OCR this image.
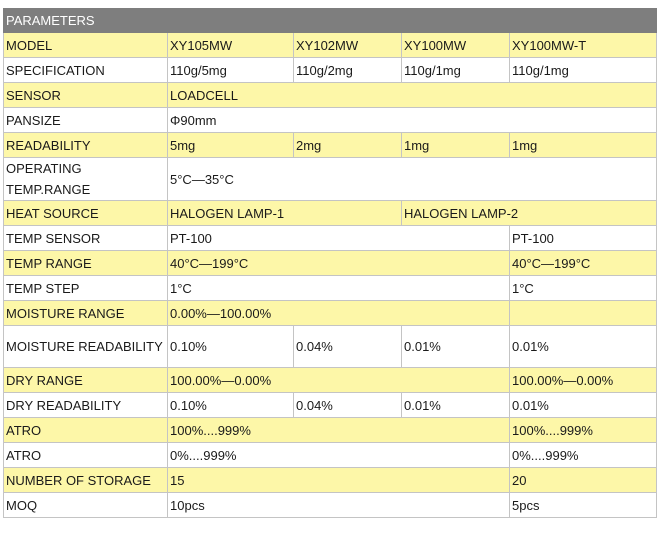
PARAMETERS				
MODEL	XY105MW	XY102MW	XY100MW	XY100MW-T
SPECIFICATION	110g/5mg	110g/2mg	110g/1mg	110g/1mg
SENSOR	LOADCELL			
PANSIZE	Φ90mm			
READABILITY	5mg	2mg	1mg	1mg
OPERATING TEMP.RANGE	5°C—35°C			
HEAT SOURCE	HALOGEN LAMP-1		HALOGEN LAMP-2	
TEMP SENSOR	PT-100			PT-100
TEMP RANGE	40°C—199°C			40°C—199°C
TEMP STEP	1°C			1°C
MOISTURE RANGE	0.00%—100.00%			
MOISTURE READABILITY	0.10%	0.04%	0.01%	0.01%
DRY RANGE	100.00%—0.00%			100.00%—0.00%
DRY READABILITY	0.10%	0.04%	0.01%	0.01%
ATRO	100%....999%			100%....999%
ATRO	0%....999%			0%....999%
NUMBER OF STORAGE	15			20
MOQ	10pcs			5pcs
